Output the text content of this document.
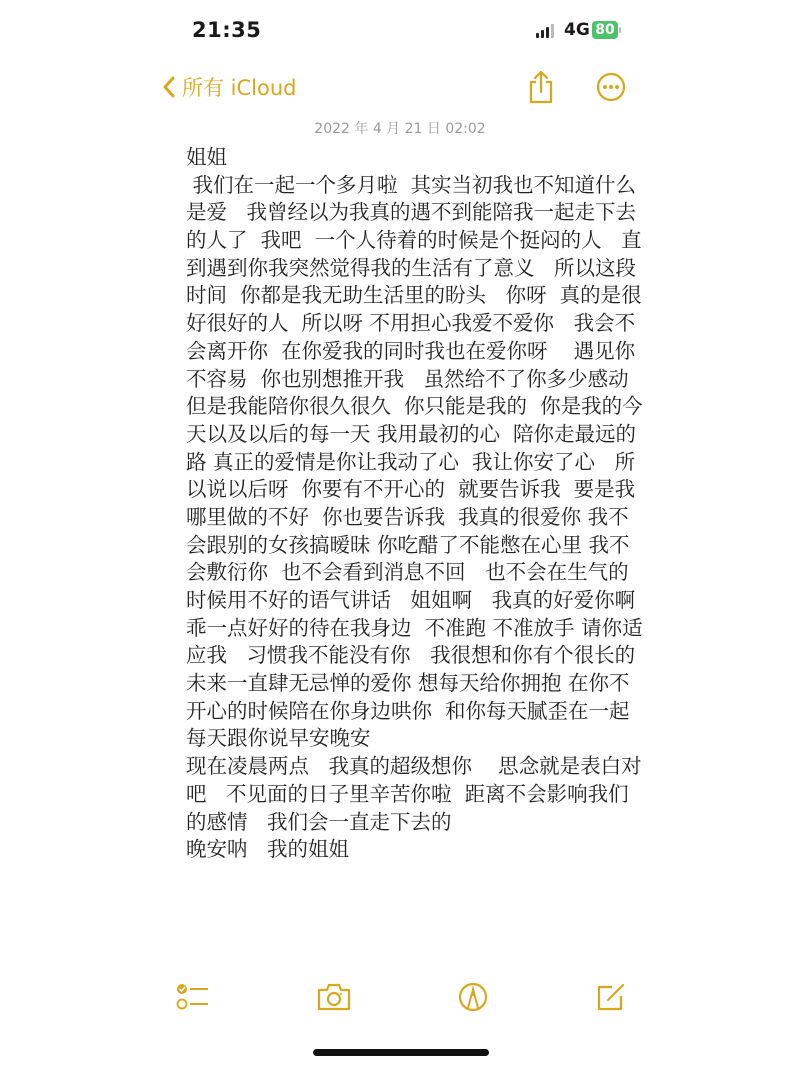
21:35	4G 80
所有 iCloud
2022 年 4 月 21 日 02:02
姐姐
我们在一起一个多月啦  其实当初我也不知道什么
是爱   我曾经以为我真的遇不到能陪我一起走下去
的人了  我吧  一个人待着的时候是个挺闷的人   直
到遇到你我突然觉得我的生活有了意义   所以这段
时间  你都是我无助生活里的盼头   你呀  真的是很
好很好的人  所以呀 不用担心我爱不爱你   我会不
会离开你  在你爱我的同时我也在爱你呀    遇见你
不容易  你也别想推开我   虽然给不了你多少感动
但是我能陪你很久很久  你只能是我的  你是我的今
天以及以后的每一天 我用最初的心  陪你走最远的
路 真正的爱情是你让我动了心  我让你安了心   所
以说以后呀  你要有不开心的  就要告诉我  要是我
哪里做的不好  你也要告诉我  我真的很爱你 我不
会跟别的女孩搞暧昧 你吃醋了不能憋在心里 我不
会敷衍你  也不会看到消息不回   也不会在生气的
时候用不好的语气讲话   姐姐啊   我真的好爱你啊
乖一点好好的待在我身边  不准跑 不准放手 请你适
应我   习惯我不能没有你   我很想和你有个很长的
未来一直肆无忌惮的爱你 想每天给你拥抱 在你不
开心的时候陪在你身边哄你  和你每天腻歪在一起
每天跟你说早安晚安
现在凌晨两点   我真的超级想你    思念就是表白对
吧   不见面的日子里辛苦你啦  距离不会影响我们
的感情   我们会一直走下去的
晚安呐   我的姐姐
